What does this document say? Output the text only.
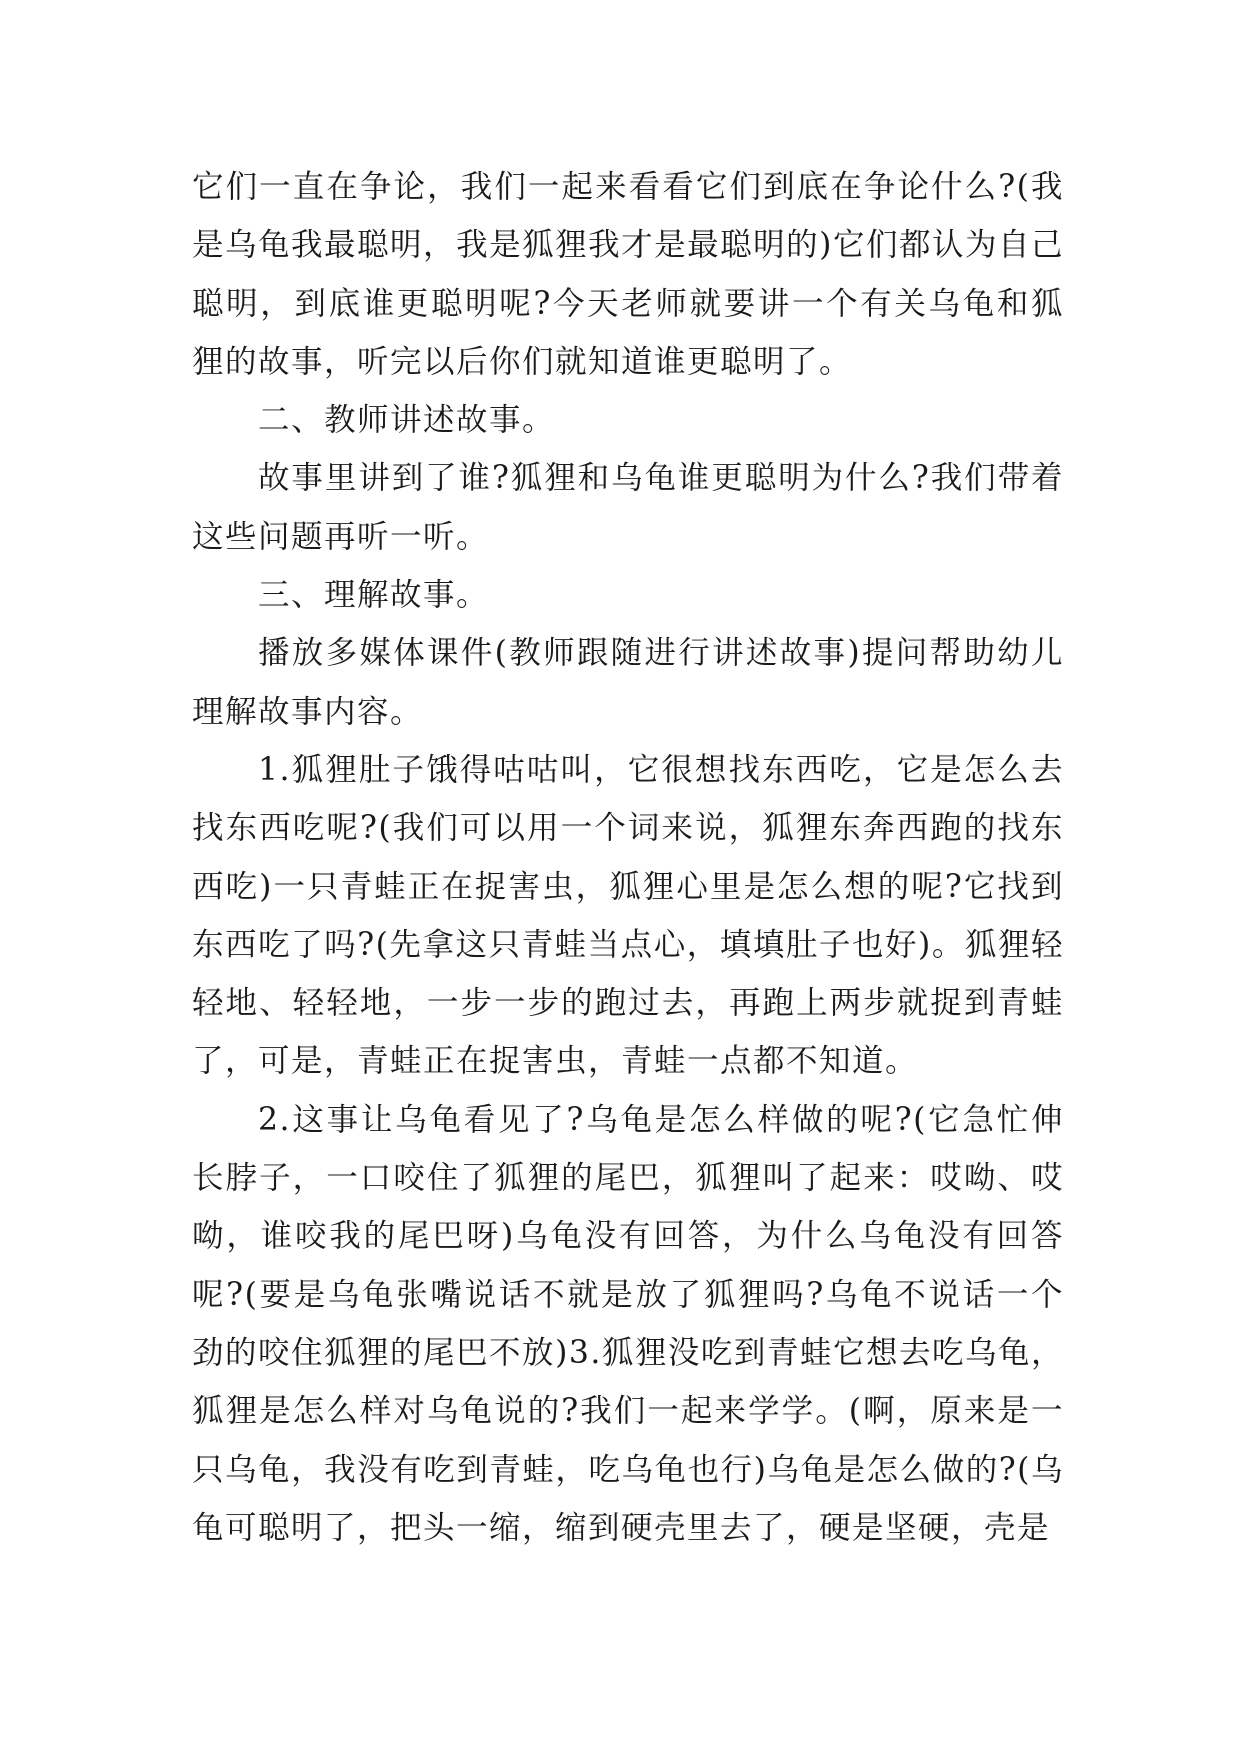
它们一直在争论，我们一起来看看它们到底在争论什么?(我是乌龟我最聪明，我是狐狸我才是最聪明的)它们都认为自己聪明，到底谁更聪明呢?今天老师就要讲一个有关乌龟和狐狸的故事，听完以后你们就知道谁更聪明了。

二、教师讲述故事。

故事里讲到了谁?狐狸和乌龟谁更聪明为什么?我们带着这些问题再听一听。

三、理解故事。

播放多媒体课件(教师跟随进行讲述故事)提问帮助幼儿理解故事内容。

1.狐狸肚子饿得咕咕叫，它很想找东西吃，它是怎么去找东西吃呢?(我们可以用一个词来说，狐狸东奔西跑的找东西吃)一只青蛙正在捉害虫，狐狸心里是怎么想的呢?它找到东西吃了吗?(先拿这只青蛙当点心，填填肚子也好)。狐狸轻轻地、轻轻地，一步一步的跑过去，再跑上两步就捉到青蛙了，可是，青蛙正在捉害虫，青蛙一点都不知道。

2.这事让乌龟看见了?乌龟是怎么样做的呢?(它急忙伸长脖子，一口咬住了狐狸的尾巴，狐狸叫了起来：哎呦、哎呦，谁咬我的尾巴呀)乌龟没有回答，为什么乌龟没有回答呢?(要是乌龟张嘴说话不就是放了狐狸吗?乌龟不说话一个劲的咬住狐狸的尾巴不放)3.狐狸没吃到青蛙它想去吃乌龟，狐狸是怎么样对乌龟说的?我们一起来学学。(啊，原来是一只乌龟，我没有吃到青蛙，吃乌龟也行)乌龟是怎么做的?(乌龟可聪明了，把头一缩，缩到硬壳里去了，硬是坚硬，壳是
